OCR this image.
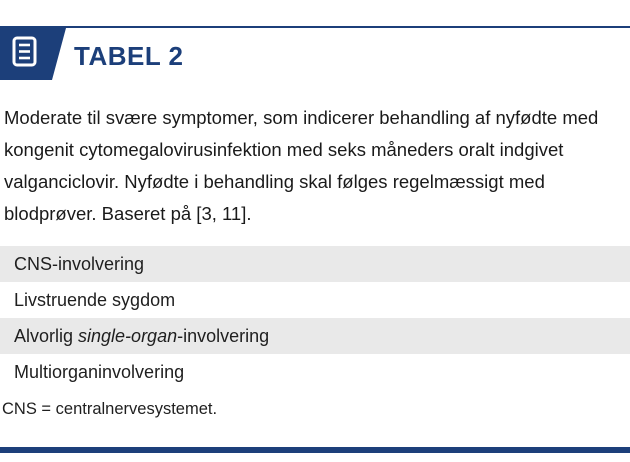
TABEL 2

Moderate til svære symptomer, som indicerer behandling af nyfødte med kongenit cytomegalovirusinfektion med seks måneders oralt indgivet valganciclovir. Nyfødte i behandling skal følges regelmæssigt med blodprøver. Baseret på [3, 11].

CNS-involvering
Livstruende sygdom
Alvorlig single-organ-involvering
Multiorganinvolvering
CNS = centralnervesystemet.
